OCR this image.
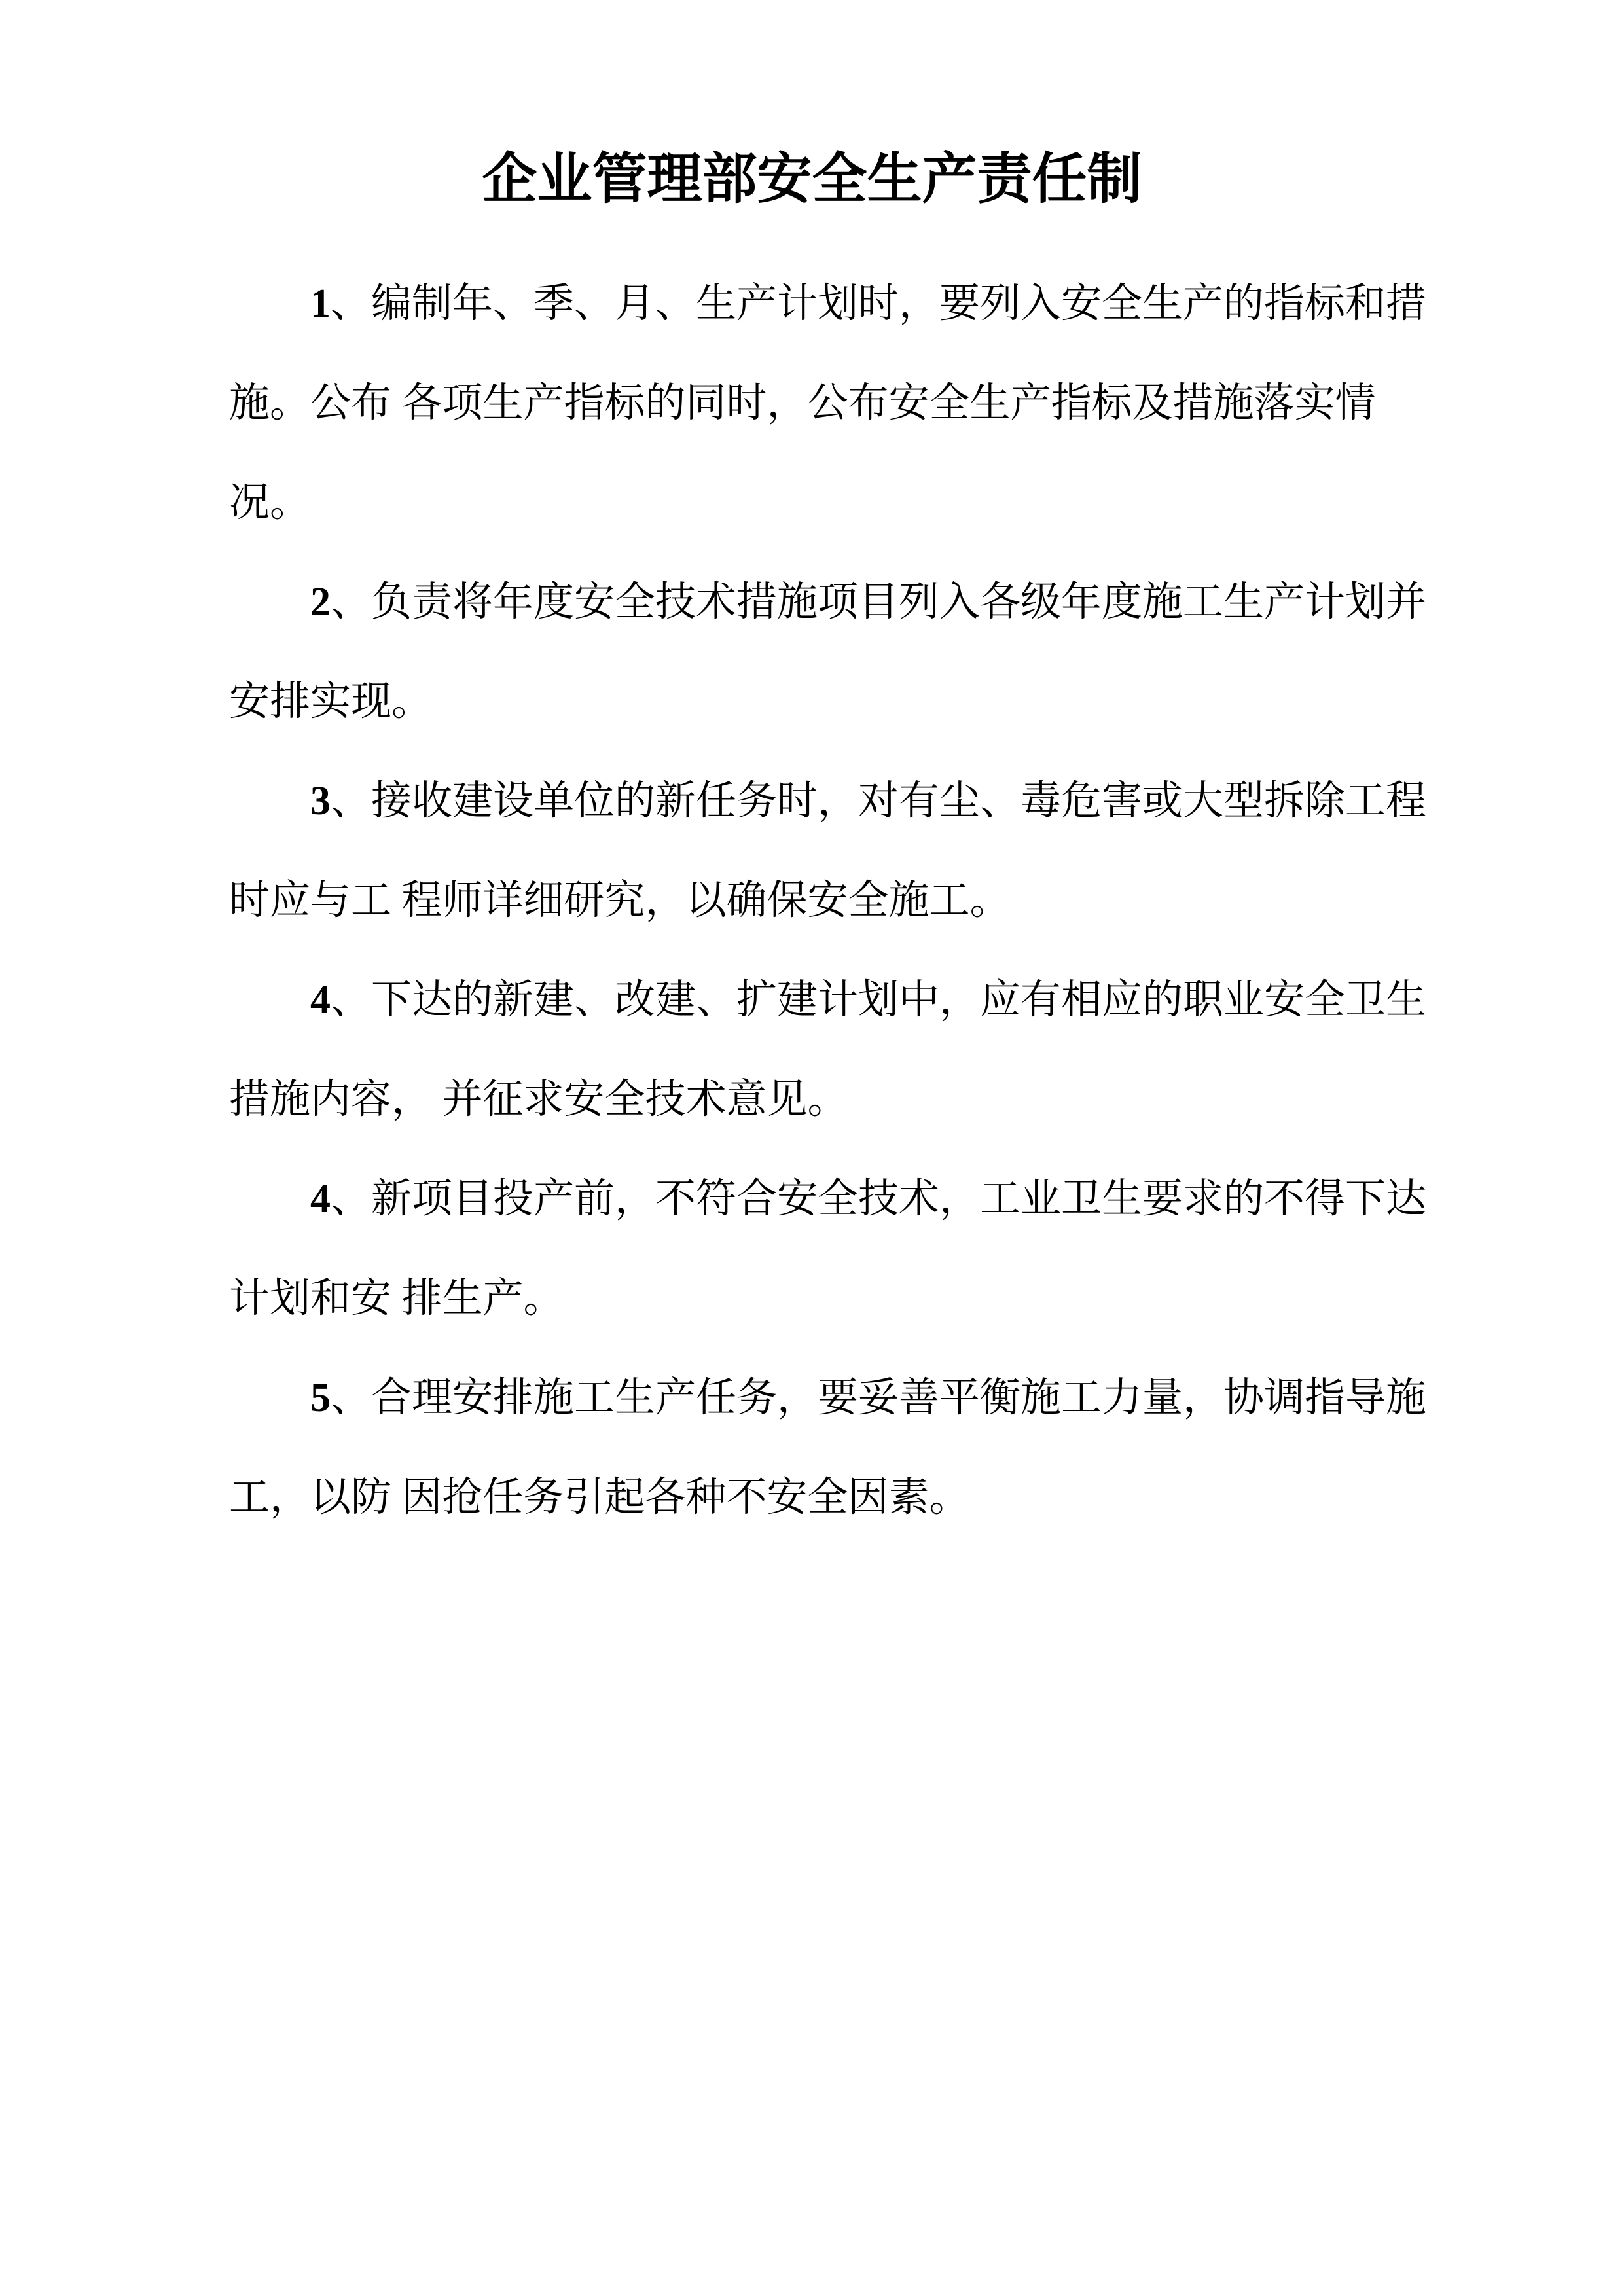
企业管理部安全生产责任制
1、编制年、季、月、生产计划时，要列入安全生产的指标和措
施。公布 各项生产指标的同时，公布安全生产指标及措施落实情
况。
2、负责将年度安全技术措施项目列入各级年度施工生产计划并
安排实现。
3、接收建设单位的新任务时，对有尘、毒危害或大型拆除工程
时应与工 程师详细研究，以确保安全施工。
4、下达的新建、改建、扩建计划中，应有相应的职业安全卫生
措施内容， 并征求安全技术意见。
4、新项目投产前，不符合安全技术，工业卫生要求的不得下达
计划和安 排生产。
5、合理安排施工生产任务，要妥善平衡施工力量，协调指导施
工，以防 因抢任务引起各种不安全因素。
